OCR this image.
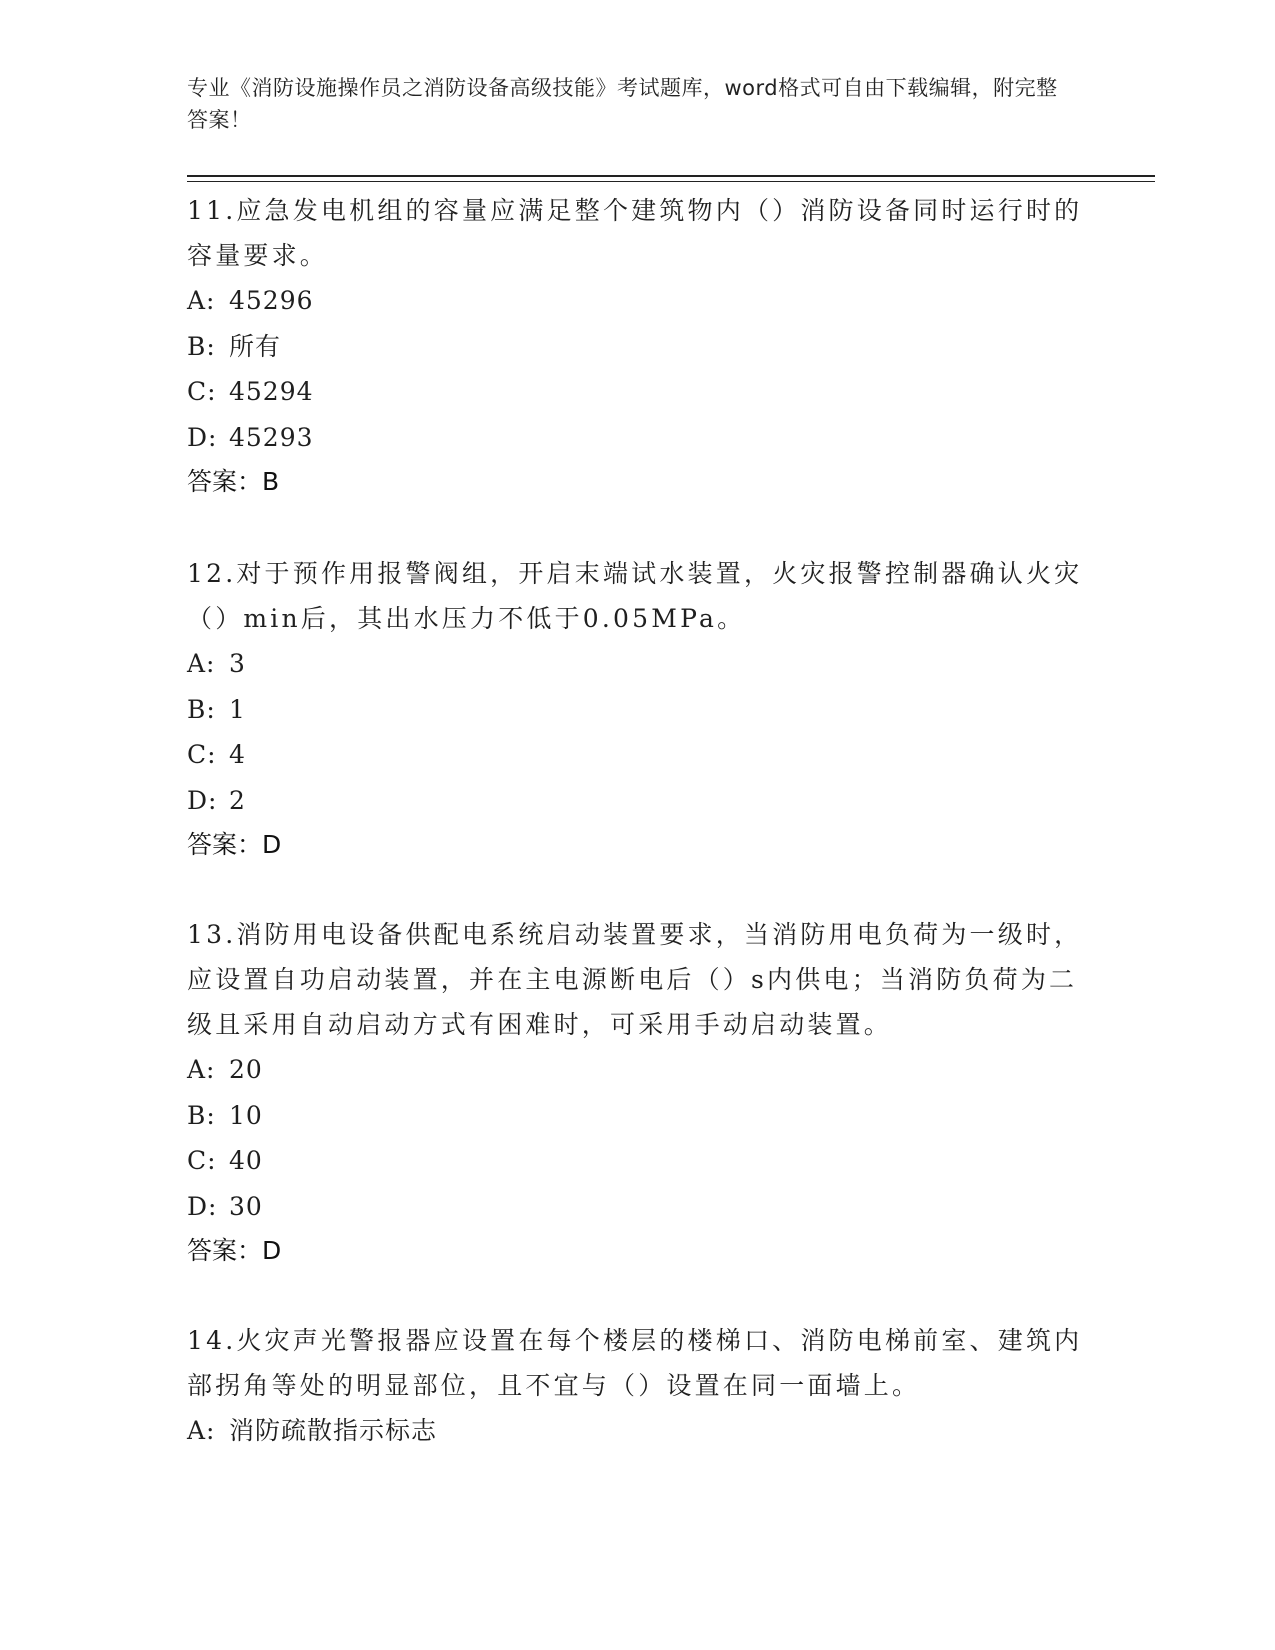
专业《消防设施操作员之消防设备高级技能》考试题库，word格式可自由下载编辑，附完整答案！

11.应急发电机组的容量应满足整个建筑物内（）消防设备同时运行时的容量要求。

A: 45296

B: 所有

C: 45294

D: 45293

答案：B

12.对于预作用报警阀组，开启末端试水装置，火灾报警控制器确认火灾（）min后，其出水压力不低于0.05MPa。

A: 3

B: 1

C: 4

D: 2

答案：D

13.消防用电设备供配电系统启动装置要求，当消防用电负荷为一级时，应设置自功启动装置，并在主电源断电后（）s内供电；当消防负荷为二级且采用自动启动方式有困难时，可采用手动启动装置。

A: 20

B: 10

C: 40

D: 30

答案：D

14.火灾声光警报器应设置在每个楼层的楼梯口、消防电梯前室、建筑内部拐角等处的明显部位，且不宜与（）设置在同一面墙上。

A: 消防疏散指示标志
